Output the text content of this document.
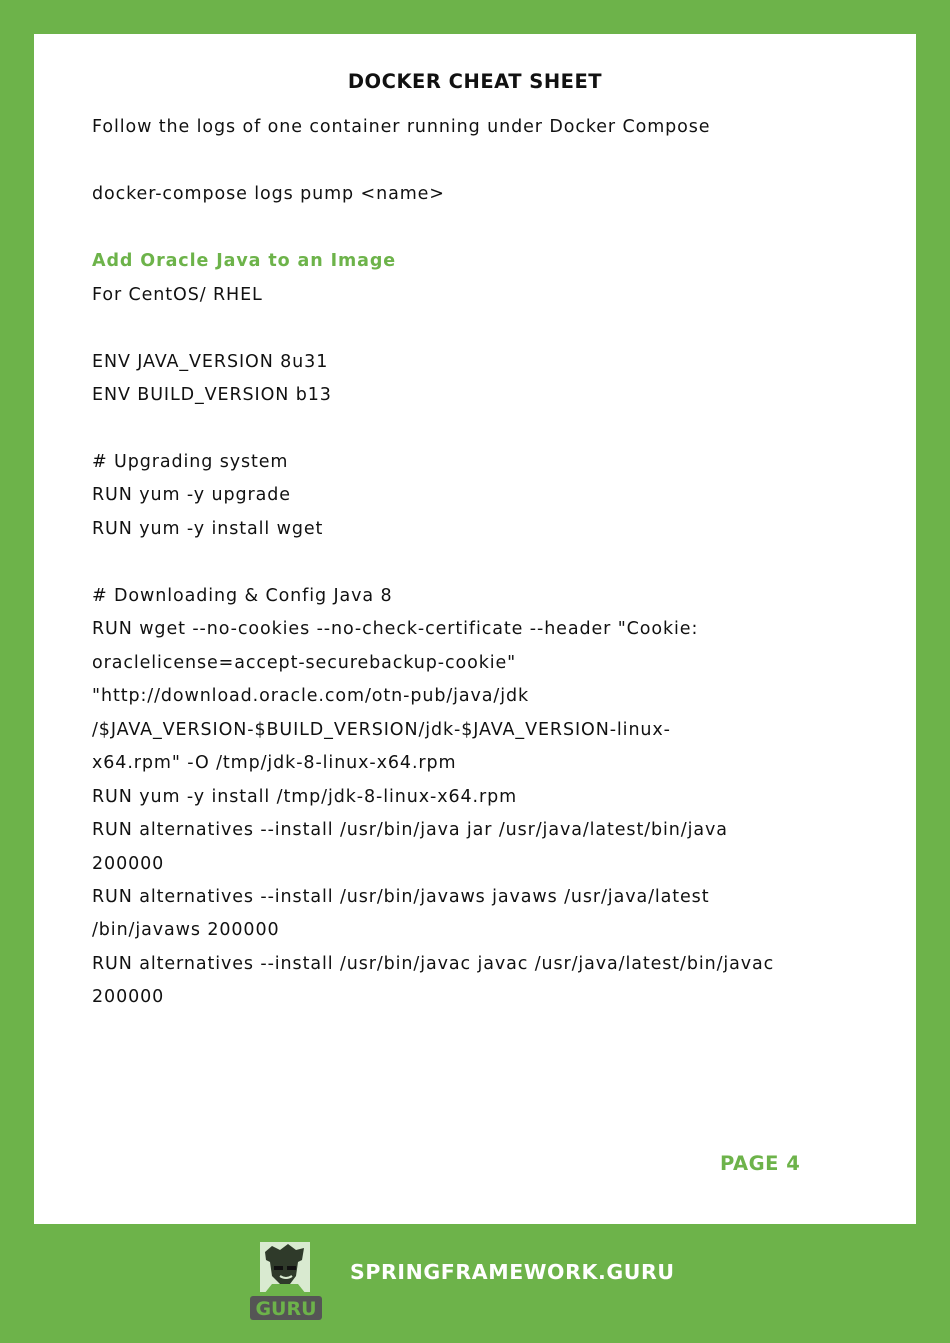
DOCKER CHEAT SHEET
Follow the logs of one container running under Docker Compose
docker-compose logs pump <name>
Add Oracle Java to an Image
For CentOS/ RHEL
ENV JAVA_VERSION 8u31
ENV BUILD_VERSION b13
# Upgrading system
RUN yum -y upgrade
RUN yum -y install wget
# Downloading & Config Java 8
RUN wget --no-cookies --no-check-certificate --header "Cookie:
oraclelicense=accept-securebackup-cookie"
"http://download.oracle.com/otn-pub/java/jdk
/$JAVA_VERSION-$BUILD_VERSION/jdk-$JAVA_VERSION-linux-
x64.rpm" -O /tmp/jdk-8-linux-x64.rpm
RUN yum -y install /tmp/jdk-8-linux-x64.rpm
RUN alternatives --install /usr/bin/java jar /usr/java/latest/bin/java
200000
RUN alternatives --install /usr/bin/javaws javaws /usr/java/latest
/bin/javaws 200000
RUN alternatives --install /usr/bin/javac javac /usr/java/latest/bin/javac
200000
PAGE 4
GURU
SPRINGFRAMEWORK.GURU
